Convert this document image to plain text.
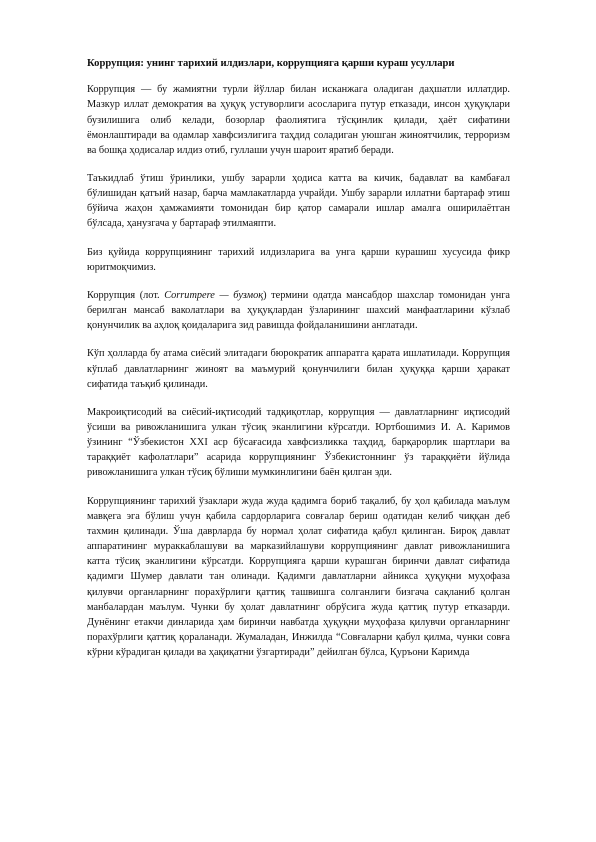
Коррупция: унинг тарихий илдизлари, коррупцияга қарши кураш усуллари

Коррупция — бу жамиятни турли йўллар билан исканжага оладиган даҳшатли иллатдир. Мазкур иллат демократия ва ҳуқуқ устуворлиги асосларига путур етказади, инсон ҳуқуқлари бузилишига олиб келади, бозорлар фаолиятига тўсқинлик қилади, ҳаёт сифатини ёмонлаштиради ва одамлар хавфсизлигига таҳдид соладиган уюшган жиноятчилик, терроризм ва бошқа ҳодисалар илдиз отиб, гуллаши учун шароит яратиб беради.

Таъкидлаб ўтиш ўринлики, ушбу зарарли ҳодиса катта ва кичик, бадавлат ва камбағал бўлишидан қатъий назар, барча мамлакатларда учрайди. Ушбу зарарли иллатни бартараф этиш бўйича жаҳон ҳамжамияти томонидан бир қатор самарали ишлар амалга оширилаётган бўлсада, ҳанузгача у бартараф этилмаяпти.

Биз қуйида коррупциянинг тарихий илдизларига ва унга қарши курашиш хусусида фикр юритмоқчимиз.

Коррупция (лот. Corrumpere — бузмоқ) термини одатда мансабдор шахслар томонидан унга берилган мансаб ваколатлари ва ҳуқуқлардан ўзларининг шахсий манфаатларини кўзлаб қонунчилик ва аҳлоқ қоидаларига зид равишда фойдаланишини англатади.

Кўп ҳолларда бу атама сиёсий элитадаги бюрократик аппаратга қарата ишлатилади. Коррупция кўплаб давлатларнинг жиноят ва маъмурий қонунчилиги билан ҳуқуққа қарши ҳаракат сифатида таъқиб қилинади.

Макроиқтисодий ва сиёсий-иқтисодий тадқиқотлар, коррупция — давлатларнинг иқтисодий ўсиши ва ривожланишига улкан тўсиқ эканлигини кўрсатди. Юртбошимиз И. А. Каримов ўзининг “Ўзбекистон XXI аср бўсағасида хавфсизликка таҳдид, барқарорлик шартлари ва тараққиёт кафолатлари” асарида коррупциянинг Ўзбекистоннинг ўз тараққиёти йўлида ривожланишига улкан тўсиқ бўлиши мумкинлигини баён қилган эди.

Коррупциянинг тарихий ўзаклари жуда жуда қадимга бориб тақалиб, бу ҳол қабилада маълум мавқега эга бўлиш учун қабила сардорларига совғалар бериш одатидан келиб чиққан деб тахмин қилинади. Ўша даврларда бу нормал ҳолат сифатида қабул қилинган. Бироқ давлат аппаратининг мураккаблашуви ва марказийлашуви коррупциянинг давлат ривожланишига катта тўсиқ эканлигини кўрсатди. Коррупцияга қарши курашган биринчи давлат сифатида қадимги Шумер давлати тан олинади. Қадимги давлатларни айникса ҳуқуқни муҳофаза қилувчи органларнинг порахўрлиги қаттиқ ташвишга солганлиги бизгача сақланиб қолган манбалардан маълум. Чунки бу ҳолат давлатнинг обрўсига жуда қаттиқ путур етказарди. Дунёнинг етакчи динларида ҳам биринчи навбатда ҳуқуқни муҳофаза қилувчи органларнинг порахўрлиги қаттиқ қораланади. Жумаладан, Инжилда “Совғаларни қабул қилма, чунки совға кўрни кўрадиган қилади ва ҳақиқатни ўзгартиради” дейилган бўлса, Қуръони Каримда
